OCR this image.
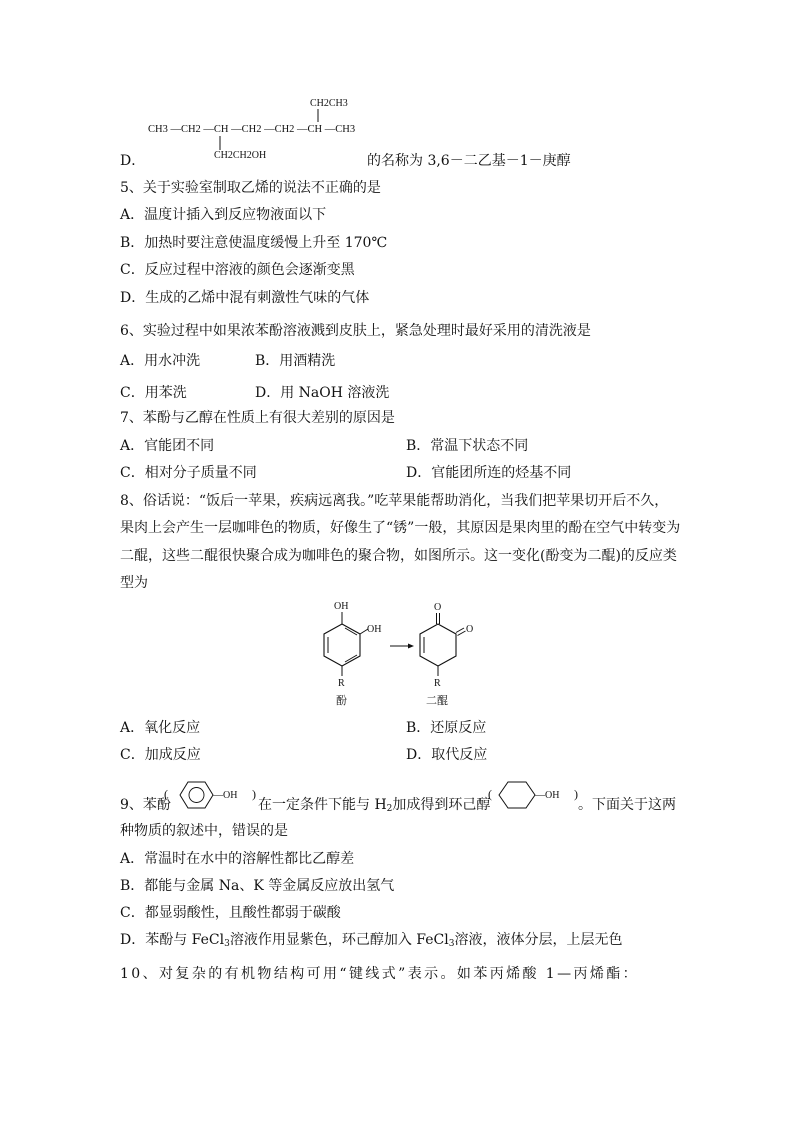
CH3 —CH2 —CH —CH2 —CH2 —CH —CH3
CH2CH3
CH2CH2OH
D．	的名称为 3,6－二乙基－1－庚醇
5、关于实验室制取乙烯的说法不正确的是
A．温度计插入到反应物液面以下
B．加热时要注意使温度缓慢上升至 170℃
C．反应过程中溶液的颜色会逐渐变黑
D．生成的乙烯中混有刺激性气味的气体
6、实验过程中如果浓苯酚溶液溅到皮肤上，紧急处理时最好采用的清洗液是
A．用水冲洗	B．用酒精洗
C．用苯洗	D．用 NaOH 溶液洗
7、苯酚与乙醇在性质上有很大差别的原因是
A．官能团不同	B．常温下状态不同
C．相对分子质量不同	D．官能团所连的烃基不同
8、俗话说：“饭后一苹果，疾病远离我。”吃苹果能帮助消化，当我们把苹果切开后不久，
果肉上会产生一层咖啡色的物质，好像生了“锈”一般，其原因是果肉里的酚在空气中转变为
二醌，这些二醌很快聚合成为咖啡色的聚合物，如图所示。这一变化(酚变为二醌)的反应类
型为
OH
OH
R
酚
O
O
R
二醌
A．氧化反应	B．还原反应
C．加成反应	D．取代反应
9、苯酚
(	—OH )
在一定条件下能与 $H_2$加成得到环己醇
(	—OH )
。下面关于这两
种物质的叙述中，错误的是
A．常温时在水中的溶解性都比乙醇差
B．都能与金属 Na、K 等金属反应放出氢气
C．都显弱酸性，且酸性都弱于碳酸
D．苯酚与 FeCl$_3$溶液作用显紫色，环己醇加入 FeCl$_3$溶液，液体分层，上层无色
10、对复杂的有机物结构可用“键线式”表示。如苯丙烯酸 1—丙烯酯：
